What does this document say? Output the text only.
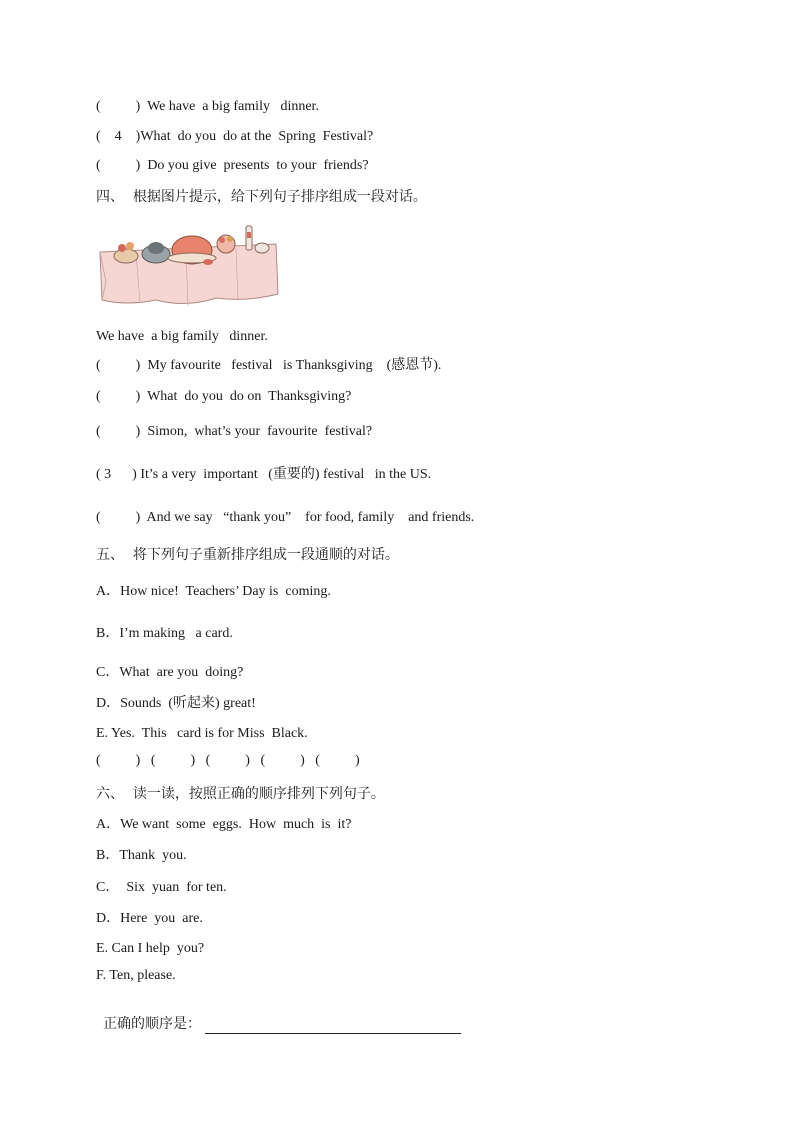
(          )  We have  a big family   dinner.
(    4    )What  do you  do at the  Spring  Festival?
(          )  Do you give  presents  to your  friends?
四、  根据图片提示，给下列句子排序组成一段对话。
We have  a big family   dinner.
(          )  My favourite   festival   is Thanksgiving    (感恩节).
(          )  What  do you  do on  Thanksgiving?
(          )  Simon,  what’s your  favourite  festival?
( 3      ) It’s a very  important   (重要的) festival   in the US.
(          )  And we say   “thank you”    for food, family    and friends.
五、  将下列句子重新排序组成一段通顺的对话。
A．How nice!  Teachers’ Day is  coming.
B．I’m making   a card.
C．What  are you  doing?
D．Sounds  (听起来) great!
E. Yes.  This   card is for Miss  Black.
(          )   (          )   (          )   (          )   (          )
六、  读一读，按照正确的顺序排列下列句子。
A．We want  some  eggs.  How  much  is  it?
B．Thank  you.
C．  Six  yuan  for ten.
D．Here  you  are.
E. Can I help  you?
F. Ten, please.

正确的顺序是：
